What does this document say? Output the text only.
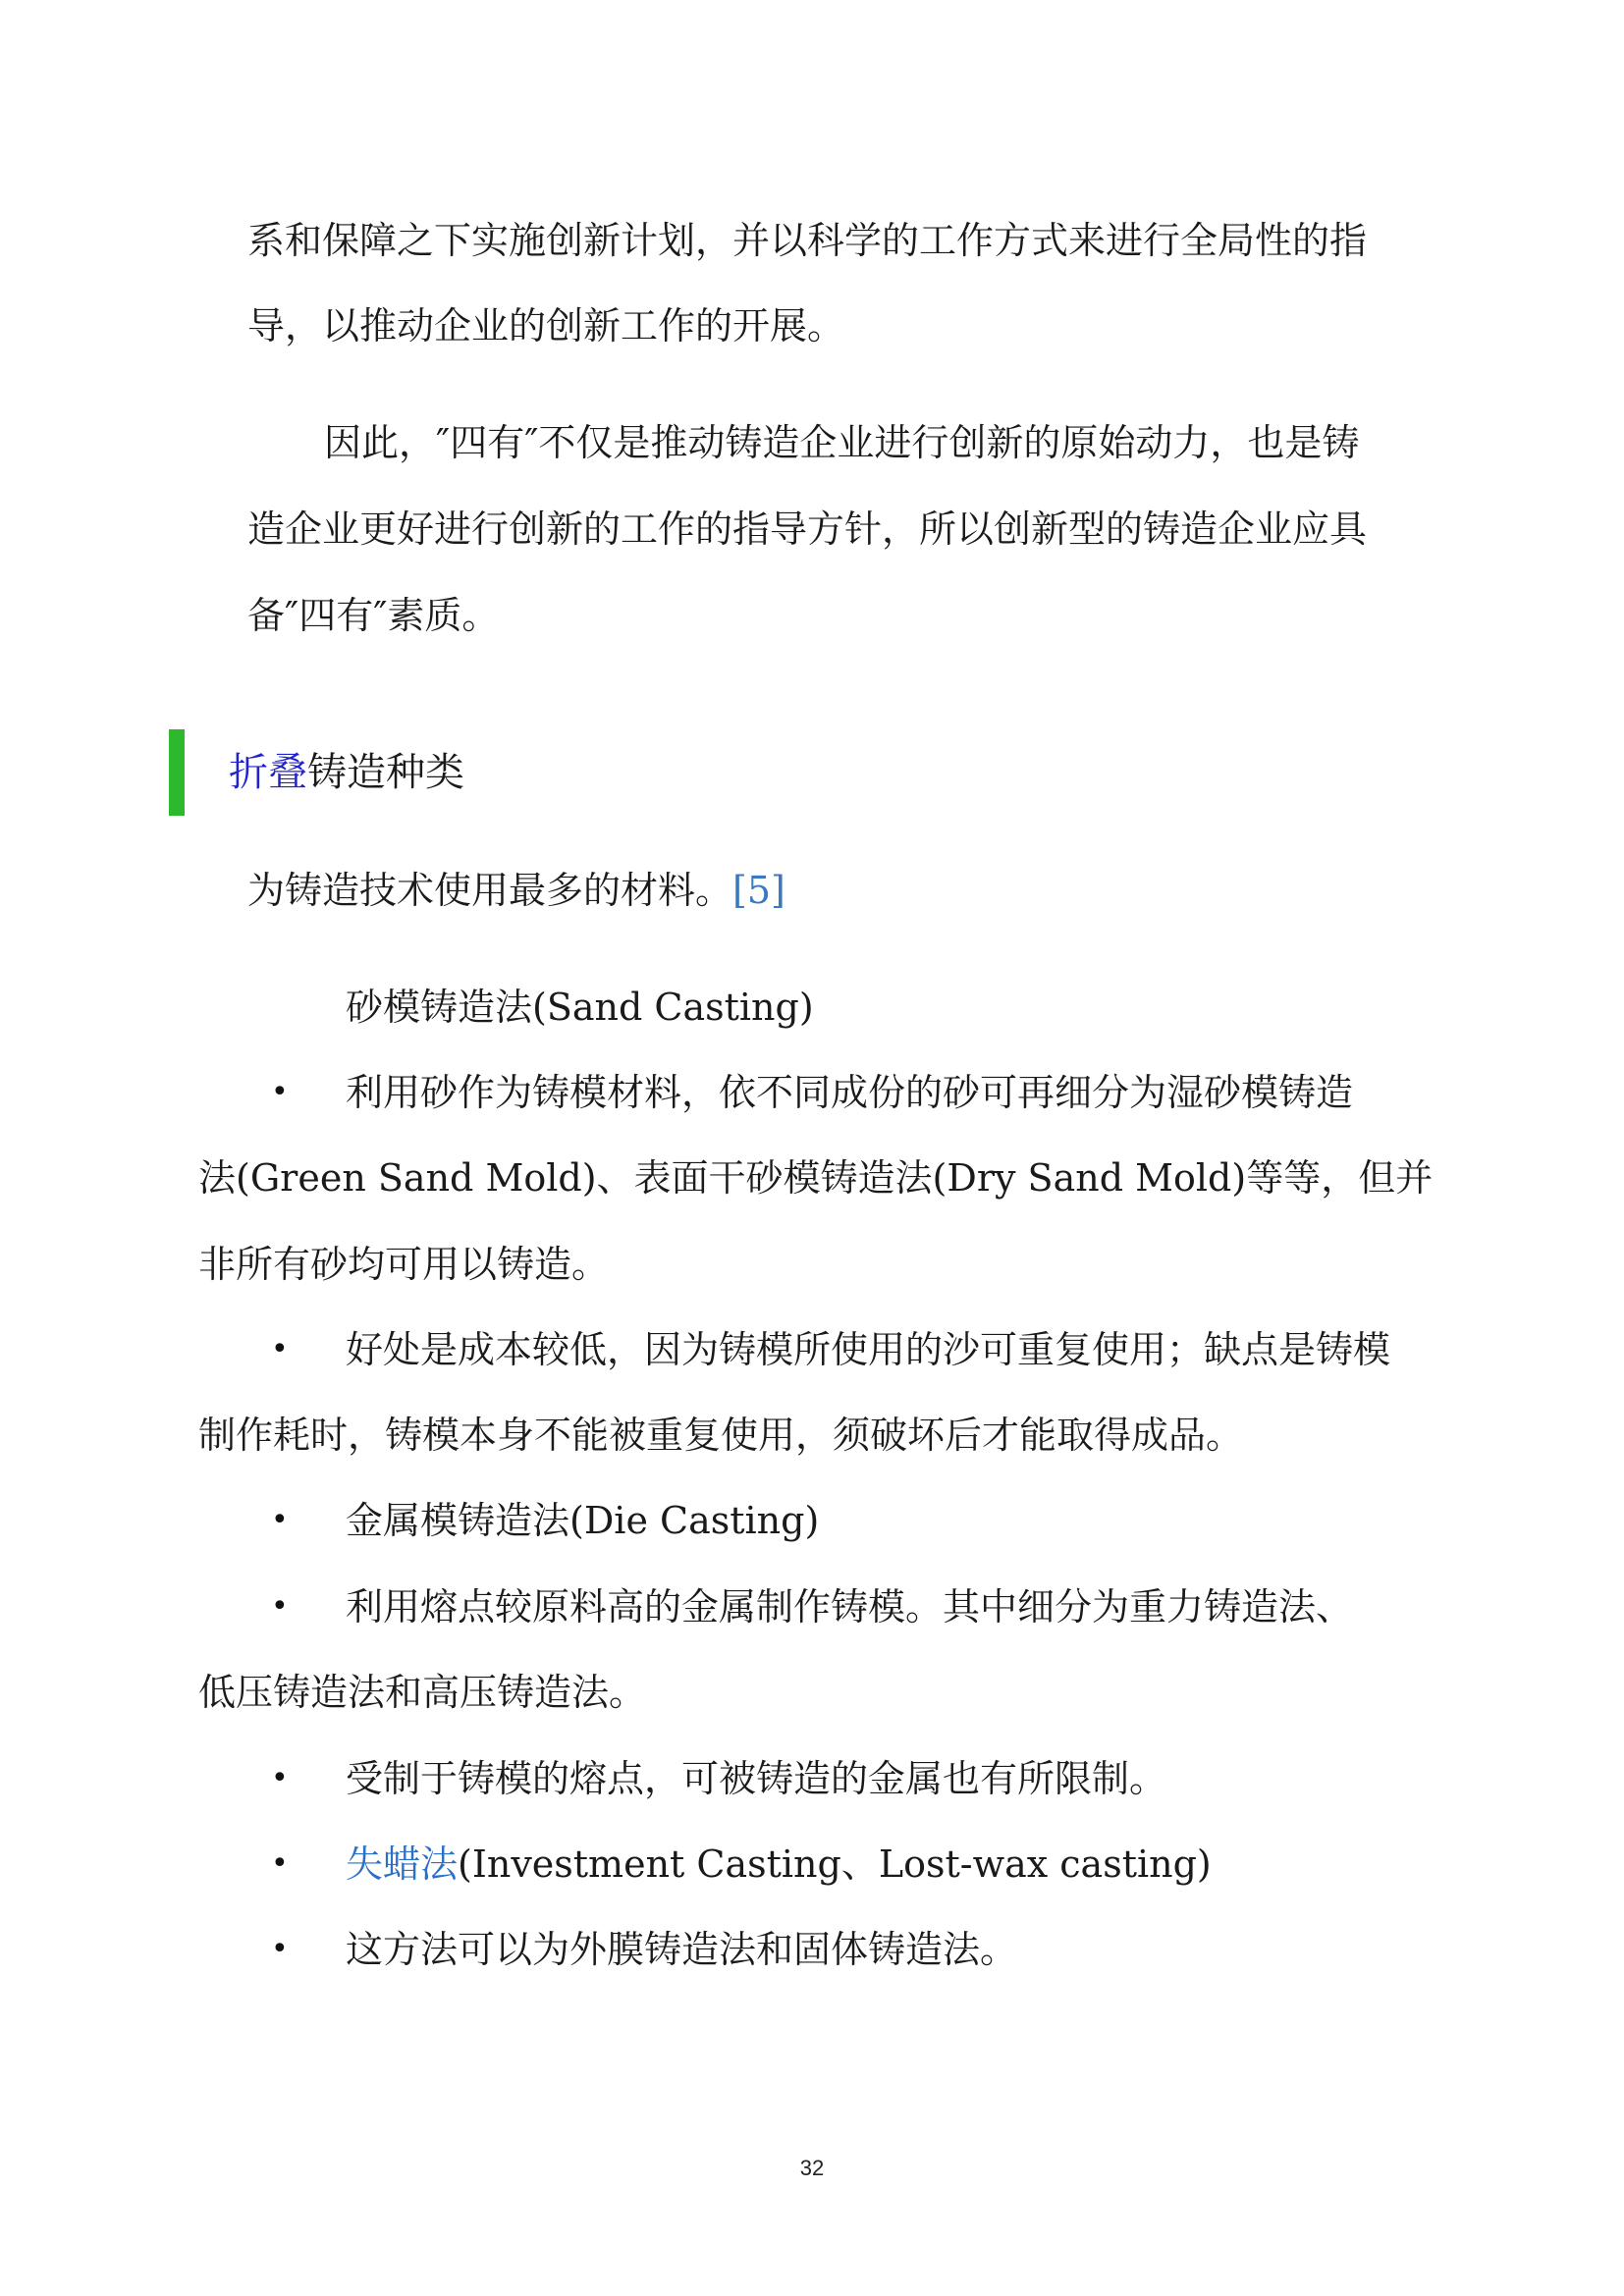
系和保障之下实施创新计划，并以科学的工作方式来进行全局性的指
导，以推动企业的创新工作的开展。
因此，″四有″不仅是推动铸造企业进行创新的原始动力，也是铸
造企业更好进行创新的工作的指导方针，所以创新型的铸造企业应具
备″四有″素质。
折叠铸造种类
为铸造技术使用最多的材料。[5]
砂模铸造法(Sand Casting)
• 利用砂作为铸模材料，依不同成份的砂可再细分为湿砂模铸造
法(Green Sand Mold)、表面干砂模铸造法(Dry Sand Mold)等等，但并
非所有砂均可用以铸造。
• 好处是成本较低，因为铸模所使用的沙可重复使用；缺点是铸模
制作耗时，铸模本身不能被重复使用，须破坏后才能取得成品。
• 金属模铸造法(Die Casting)
• 利用熔点较原料高的金属制作铸模。其中细分为重力铸造法、
低压铸造法和高压铸造法。
• 受制于铸模的熔点，可被铸造的金属也有所限制。
• 失蜡法(Investment Casting、Lost-wax casting)
• 这方法可以为外膜铸造法和固体铸造法。
32
